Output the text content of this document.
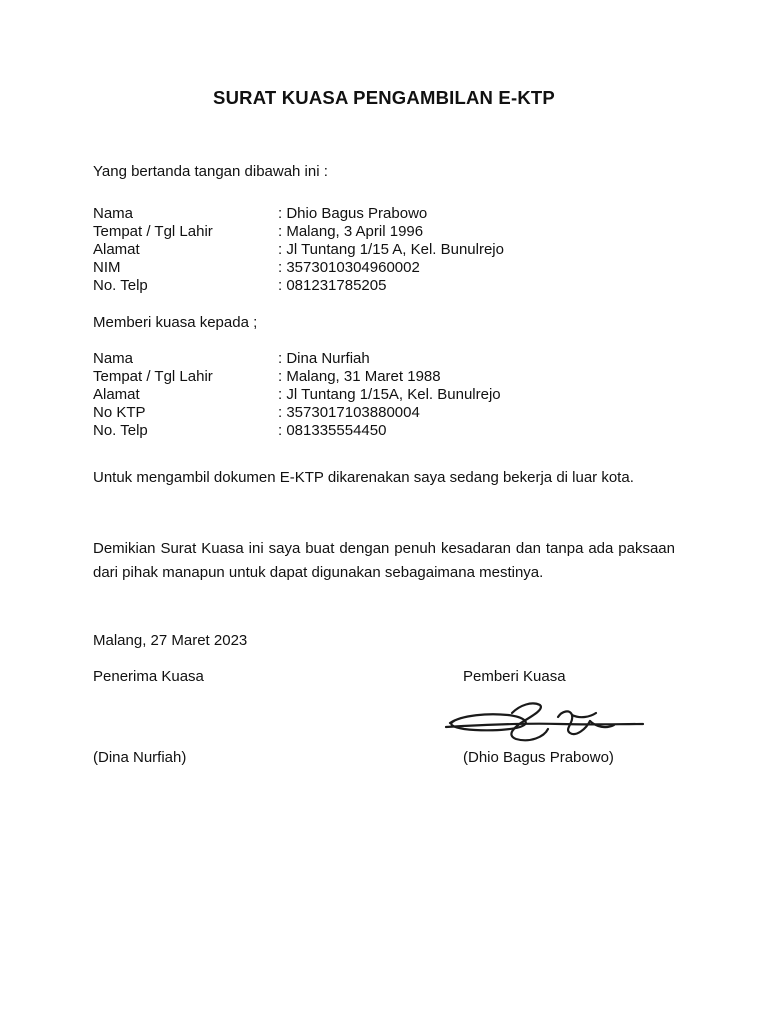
SURAT KUASA PENGAMBILAN E-KTP
Yang bertanda tangan dibawah ini :
Nama	: Dhio Bagus Prabowo
Tempat / Tgl Lahir	: Malang, 3 April 1996
Alamat	: Jl Tuntang 1/15 A, Kel. Bunulrejo
NIM	: 3573010304960002
No. Telp	: 081231785205
Memberi kuasa kepada ;
Nama	: Dina Nurfiah
Tempat / Tgl Lahir	: Malang, 31 Maret 1988
Alamat	: Jl Tuntang 1/15A, Kel. Bunulrejo
No KTP	: 3573017103880004
No. Telp	: 081335554450
Untuk mengambil dokumen E-KTP dikarenakan saya sedang bekerja di luar kota.
Demikian Surat Kuasa ini saya buat dengan penuh kesadaran dan tanpa ada paksaan dari pihak manapun untuk dapat digunakan sebagaimana mestinya.
Malang, 27 Maret 2023
Penerima Kuasa	Pemberi Kuasa
(Dina Nurfiah)	(Dhio Bagus Prabowo)
